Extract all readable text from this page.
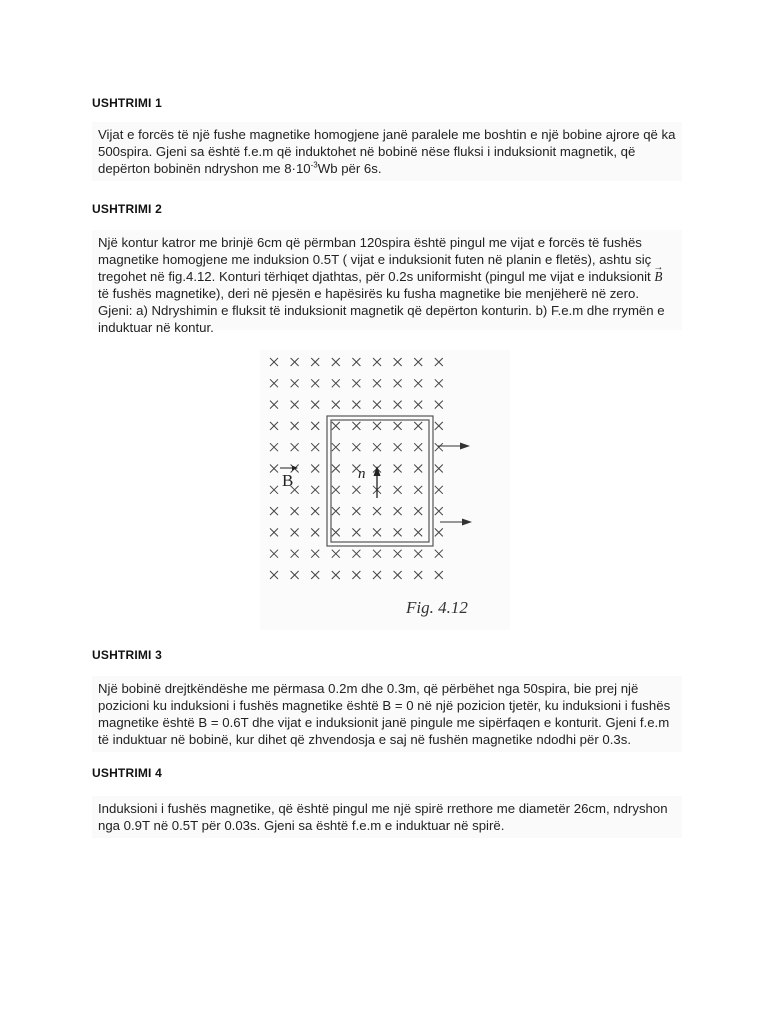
USHTRIMI 1

Vijat e forcës të një fushe magnetike homogjene janë paralele me boshtin e një bobine ajrore që ka 500spira. Gjeni sa është f.e.m që induktohet në bobinë nëse fluksi i induksionit magnetik, që depërton bobinën ndryshon me $8\cdot 10^{-3}Wb$ për 6s.

USHTRIMI 2

Një kontur katror me brinjë 6cm që përmban 120spira është pingul me vijat e forcës të fushës magnetike homogjene me induksion 0.5T ( vijat e induksionit futen në planin e fletës), ashtu siç tregohet në fig.4.12. Konturi tërhiqet djathtas, për 0.2s uniformisht (pingul me vijat e induksionit → B të fushës magnetike), deri në pjesën e hapësirës ku fusha magnetike bie menjëherë në zero. Gjeni: a) Ndryshimin e fluksit të induksionit magnetik që depërton konturin. b) F.e.m dhe rrymën e induktuar në kontur.

B	n
Fig. 4.12
USHTRIMI 3
Një bobinë drejtkëndëshe me përmasa 0.2m dhe 0.3m, që përbëhet nga 50spira, bie prej një pozicioni ku induksioni i fushës magnetike është B = 0 në një pozicion tjetër, ku induksioni i fushës magnetike është B = 0.6T dhe vijat e induksionit janë pingule me sipërfaqen e konturit. Gjeni f.e.m të induktuar në bobinë, kur dihet që zhvendosja e saj në fushën magnetike ndodhi për 0.3s.
USHTRIMI 4
Induksioni i fushës magnetike, që është pingul me një spirë rrethore me diametër 26cm, ndryshon nga 0.9T në 0.5T për 0.03s. Gjeni sa është f.e.m e induktuar në spirë.
